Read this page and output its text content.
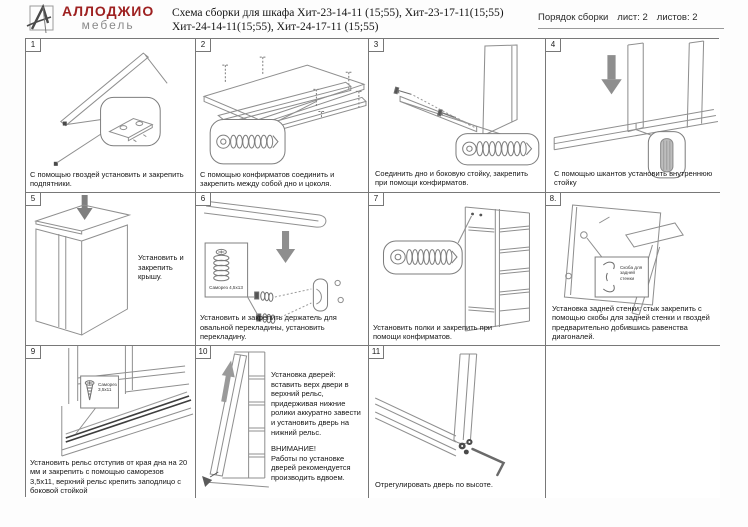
АЛЛОДЖИО
мебель
Схема сборки для шкафа Хит-23-14-11 (15;55), Хит-23-17-11(15;55)
Хит-24-14-11(15;55), Хит-24-17-11 (15;55)
Порядок сборки лист: 2 листов: 2
1
С помощью гвоздей установить и закрепить подпятники.
2
С помощью конфирматов соединить и закрепить между собой дно и цоколя.
3
Соединить дно и боковую стойку, закрепить при помощи конфирматов.
4
С помощью шкантов установить внутреннюю стойку
5
Установить и закрепить крышу.
6
Саморез 4,5х13
Установить и закрепить держатель для овальной перекладины, установить перекладину.
7
Установить полки и закрепить при помощи конфирматов.
8.
Скоба для задней стенки
Установка задней стенки: стык закрепить с помощью скобы для задней стенки и гвоздей предварительно добившись равенства диагоналей.
9
Саморез 3,5х11
Установить рельс отступив от края дна на 20 мм и закрепить с помощью саморезов 3,5х11, верхний рельс крепить заподлицо с боковой стойкой
10
Установка дверей: вставить верх двери в верхний рельс, придерживая нижние ролики аккуратно завести и установить дверь на нижний рельс.
ВНИМАНИЕ!
Работы по установке дверей рекомендуется производить вдвоем.
11
Отрегулировать дверь по высоте.
